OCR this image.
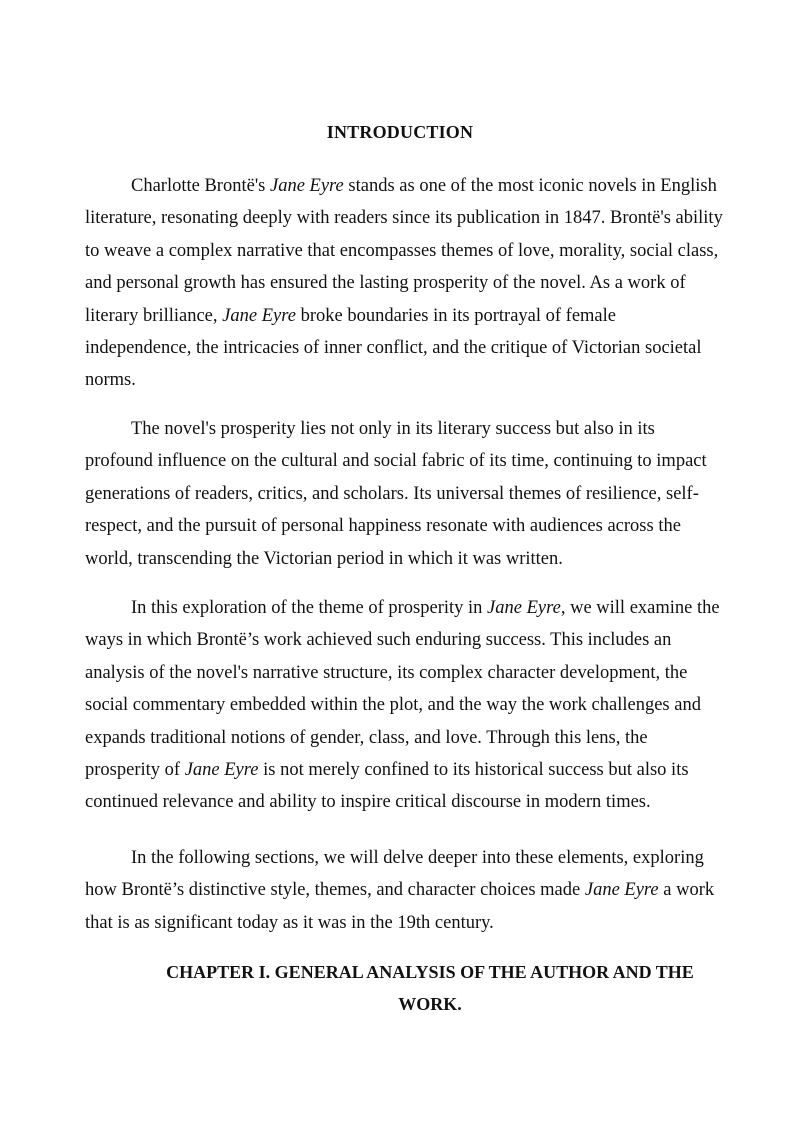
INTRODUCTION

Charlotte Brontë's Jane Eyre stands as one of the most iconic novels in English
literature, resonating deeply with readers since its publication in 1847. Brontë's ability
to weave a complex narrative that encompasses themes of love, morality, social class,
and personal growth has ensured the lasting prosperity of the novel. As a work of
literary brilliance, Jane Eyre broke boundaries in its portrayal of female
independence, the intricacies of inner conflict, and the critique of Victorian societal
norms.

The novel's prosperity lies not only in its literary success but also in its
profound influence on the cultural and social fabric of its time, continuing to impact
generations of readers, critics, and scholars. Its universal themes of resilience, self-
respect, and the pursuit of personal happiness resonate with audiences across the
world, transcending the Victorian period in which it was written.

In this exploration of the theme of prosperity in Jane Eyre, we will examine the
ways in which Brontë’s work achieved such enduring success. This includes an
analysis of the novel's narrative structure, its complex character development, the
social commentary embedded within the plot, and the way the work challenges and
expands traditional notions of gender, class, and love. Through this lens, the
prosperity of Jane Eyre is not merely confined to its historical success but also its
continued relevance and ability to inspire critical discourse in modern times.

In the following sections, we will delve deeper into these elements, exploring
how Brontë’s distinctive style, themes, and character choices made Jane Eyre a work
that is as significant today as it was in the 19th century.

CHAPTER I. GENERAL ANALYSIS OF THE AUTHOR AND THE
WORK.
